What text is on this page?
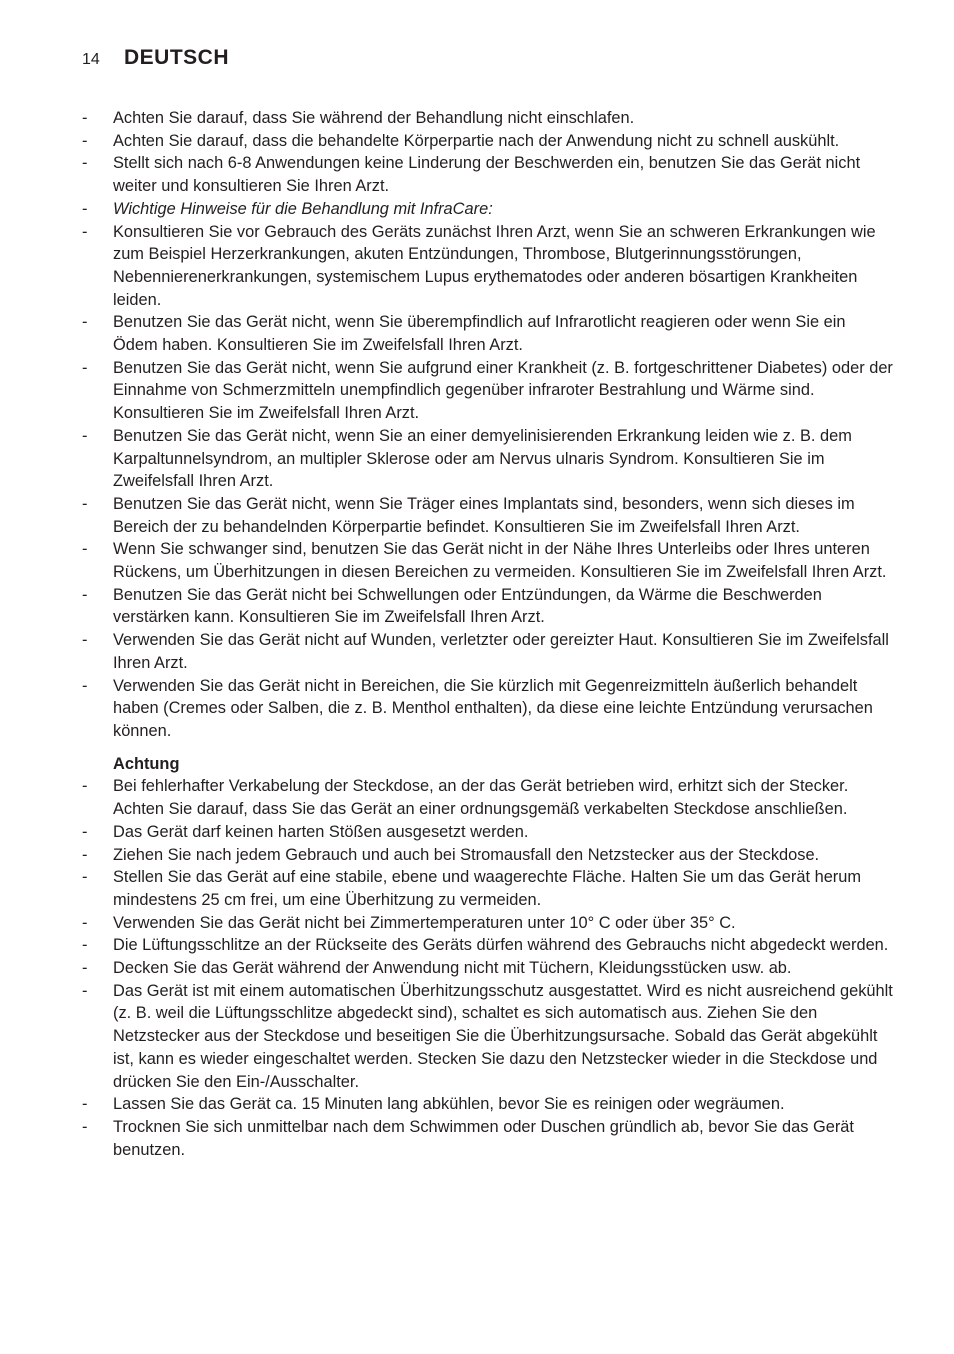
14	DEUTSCH
- Achten Sie darauf, dass Sie während der Behandlung nicht einschlafen.
- Achten Sie darauf, dass die behandelte Körperpartie nach der Anwendung nicht zu schnell auskühlt.
- Stellt sich nach 6-8 Anwendungen keine Linderung der Beschwerden ein, benutzen Sie das Gerät nicht weiter und konsultieren Sie Ihren Arzt.
- Wichtige Hinweise für die Behandlung mit InfraCare:
- Konsultieren Sie vor Gebrauch des Geräts zunächst Ihren Arzt, wenn Sie an schweren Erkrankungen wie zum Beispiel Herzerkrankungen, akuten Entzündungen, Thrombose, Blutgerinnungsstörungen, Nebennierenerkrankungen, systemischem Lupus erythematodes oder anderen bösartigen Krankheiten leiden.
- Benutzen Sie das Gerät nicht, wenn Sie überempfindlich auf Infrarotlicht reagieren oder wenn Sie ein Ödem haben. Konsultieren Sie im Zweifelsfall Ihren Arzt.
- Benutzen Sie das Gerät nicht, wenn Sie aufgrund einer Krankheit (z. B. fortgeschrittener Diabetes) oder der Einnahme von Schmerzmitteln unempfindlich gegenüber infraroter Bestrahlung und Wärme sind. Konsultieren Sie im Zweifelsfall Ihren Arzt.
- Benutzen Sie das Gerät nicht, wenn Sie an einer demyelinisierenden Erkrankung leiden wie z. B. dem Karpaltunnelsyndrom, an multipler Sklerose oder am Nervus ulnaris Syndrom. Konsultieren Sie im Zweifelsfall Ihren Arzt.
- Benutzen Sie das Gerät nicht, wenn Sie Träger eines Implantats sind, besonders, wenn sich dieses im Bereich der zu behandelnden Körperpartie befindet. Konsultieren Sie im Zweifelsfall Ihren Arzt.
- Wenn Sie schwanger sind, benutzen Sie das Gerät nicht in der Nähe Ihres Unterleibs oder Ihres unteren Rückens, um Überhitzungen in diesen Bereichen zu vermeiden. Konsultieren Sie im Zweifelsfall Ihren Arzt.
- Benutzen Sie das Gerät nicht bei Schwellungen oder Entzündungen, da Wärme die Beschwerden verstärken kann. Konsultieren Sie im Zweifelsfall Ihren Arzt.
- Verwenden Sie das Gerät nicht auf Wunden, verletzter oder gereizter Haut. Konsultieren Sie im Zweifelsfall Ihren Arzt.
- Verwenden Sie das Gerät nicht in Bereichen, die Sie kürzlich mit Gegenreizmitteln äußerlich behandelt haben (Cremes oder Salben, die z. B. Menthol enthalten), da diese eine leichte Entzündung verursachen können.
Achtung
- Bei fehlerhafter Verkabelung der Steckdose, an der das Gerät betrieben wird, erhitzt sich der Stecker. Achten Sie darauf, dass Sie das Gerät an einer ordnungsgemäß verkabelten Steckdose anschließen.
- Das Gerät darf keinen harten Stößen ausgesetzt werden.
- Ziehen Sie nach jedem Gebrauch und auch bei Stromausfall den Netzstecker aus der Steckdose.
- Stellen Sie das Gerät auf eine stabile, ebene und waagerechte Fläche. Halten Sie um das Gerät herum mindestens 25 cm frei, um eine Überhitzung zu vermeiden.
- Verwenden Sie das Gerät nicht bei Zimmertemperaturen unter 10° C oder über 35° C.
- Die Lüftungsschlitze an der Rückseite des Geräts dürfen während des Gebrauchs nicht abgedeckt werden.
- Decken Sie das Gerät während der Anwendung nicht mit Tüchern, Kleidungsstücken usw. ab.
- Das Gerät ist mit einem automatischen Überhitzungsschutz ausgestattet. Wird es nicht ausreichend gekühlt (z. B. weil die Lüftungsschlitze abgedeckt sind), schaltet es sich automatisch aus. Ziehen Sie den Netzstecker aus der Steckdose und beseitigen Sie die Überhitzungsursache. Sobald das Gerät abgekühlt ist, kann es wieder eingeschaltet werden. Stecken Sie dazu den Netzstecker wieder in die Steckdose und drücken Sie den Ein-/Ausschalter.
- Lassen Sie das Gerät ca. 15 Minuten lang abkühlen, bevor Sie es reinigen oder wegräumen.
- Trocknen Sie sich unmittelbar nach dem Schwimmen oder Duschen gründlich ab, bevor Sie das Gerät benutzen.
